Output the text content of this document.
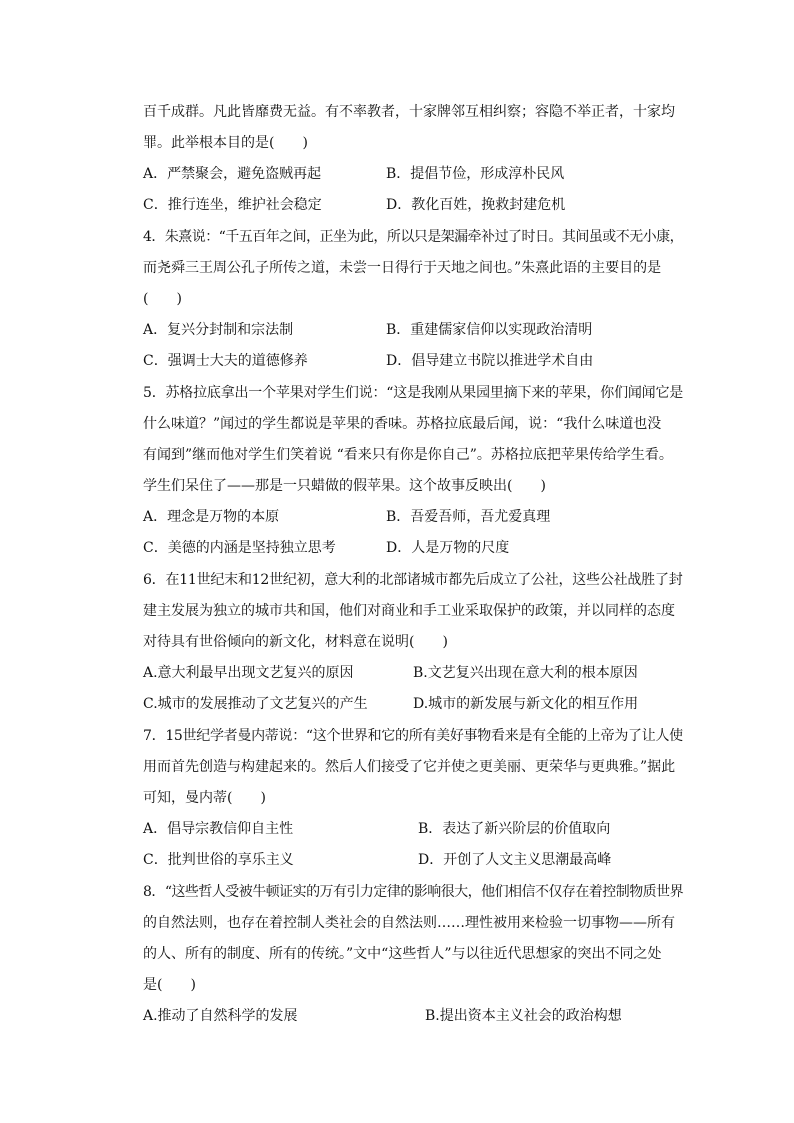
百千成群。凡此皆靡费无益。有不率教者，十家牌邻互相纠察；容隐不举正者，十家均
罪。此举根本目的是(　　)
A．严禁聚会，避免盗贼再起	B．提倡节俭，形成淳朴民风
C．推行连坐，维护社会稳定	D．教化百姓，挽救封建危机
4．朱熹说：“千五百年之间，正坐为此，所以只是架漏牵补过了时日。其间虽或不无小康，
而尧舜三王周公孔子所传之道，未尝一日得行于天地之间也。”朱熹此语的主要目的是
(　　)
A．复兴分封制和宗法制	B．重建儒家信仰以实现政治清明
C．强调士大夫的道德修养	D．倡导建立书院以推进学术自由
5．苏格拉底拿出一个苹果对学生们说：“这是我刚从果园里摘下来的苹果，你们闻闻它是
什么味道？”闻过的学生都说是苹果的香味。苏格拉底最后闻，说：“我什么味道也没
有闻到”继而他对学生们笑着说 “看来只有你是你自己”。苏格拉底把苹果传给学生看。
学生们呆住了——那是一只蜡做的假苹果。这个故事反映出(　　)
A．理念是万物的本原	B．吾爱吾师，吾尤爱真理
C．美德的内涵是坚持独立思考	D．人是万物的尺度
6．在11世纪末和12世纪初，意大利的北部诸城市都先后成立了公社，这些公社战胜了封
建主发展为独立的城市共和国，他们对商业和手工业采取保护的政策，并以同样的态度
对待具有世俗倾向的新文化，材料意在说明(　　)
A.意大利最早出现文艺复兴的原因	B.文艺复兴出现在意大利的根本原因
C.城市的发展推动了文艺复兴的产生	D.城市的新发展与新文化的相互作用
7．15世纪学者曼内蒂说：“这个世界和它的所有美好事物看来是有全能的上帝为了让人使
用而首先创造与构建起来的。然后人们接受了它并使之更美丽、更荣华与更典雅。”据此
可知，曼内蒂(　　)
A．倡导宗教信仰自主性	B．表达了新兴阶层的价值取向
C．批判世俗的享乐主义	D．开创了人文主义思潮最高峰
8．“这些哲人受被牛顿证实的万有引力定律的影响很大，他们相信不仅存在着控制物质世界
的自然法则，也存在着控制人类社会的自然法则……理性被用来检验一切事物——所有
的人、所有的制度、所有的传统。”文中“这些哲人”与以往近代思想家的突出不同之处
是(　　)
A.推动了自然科学的发展	B.提出资本主义社会的政治构想
